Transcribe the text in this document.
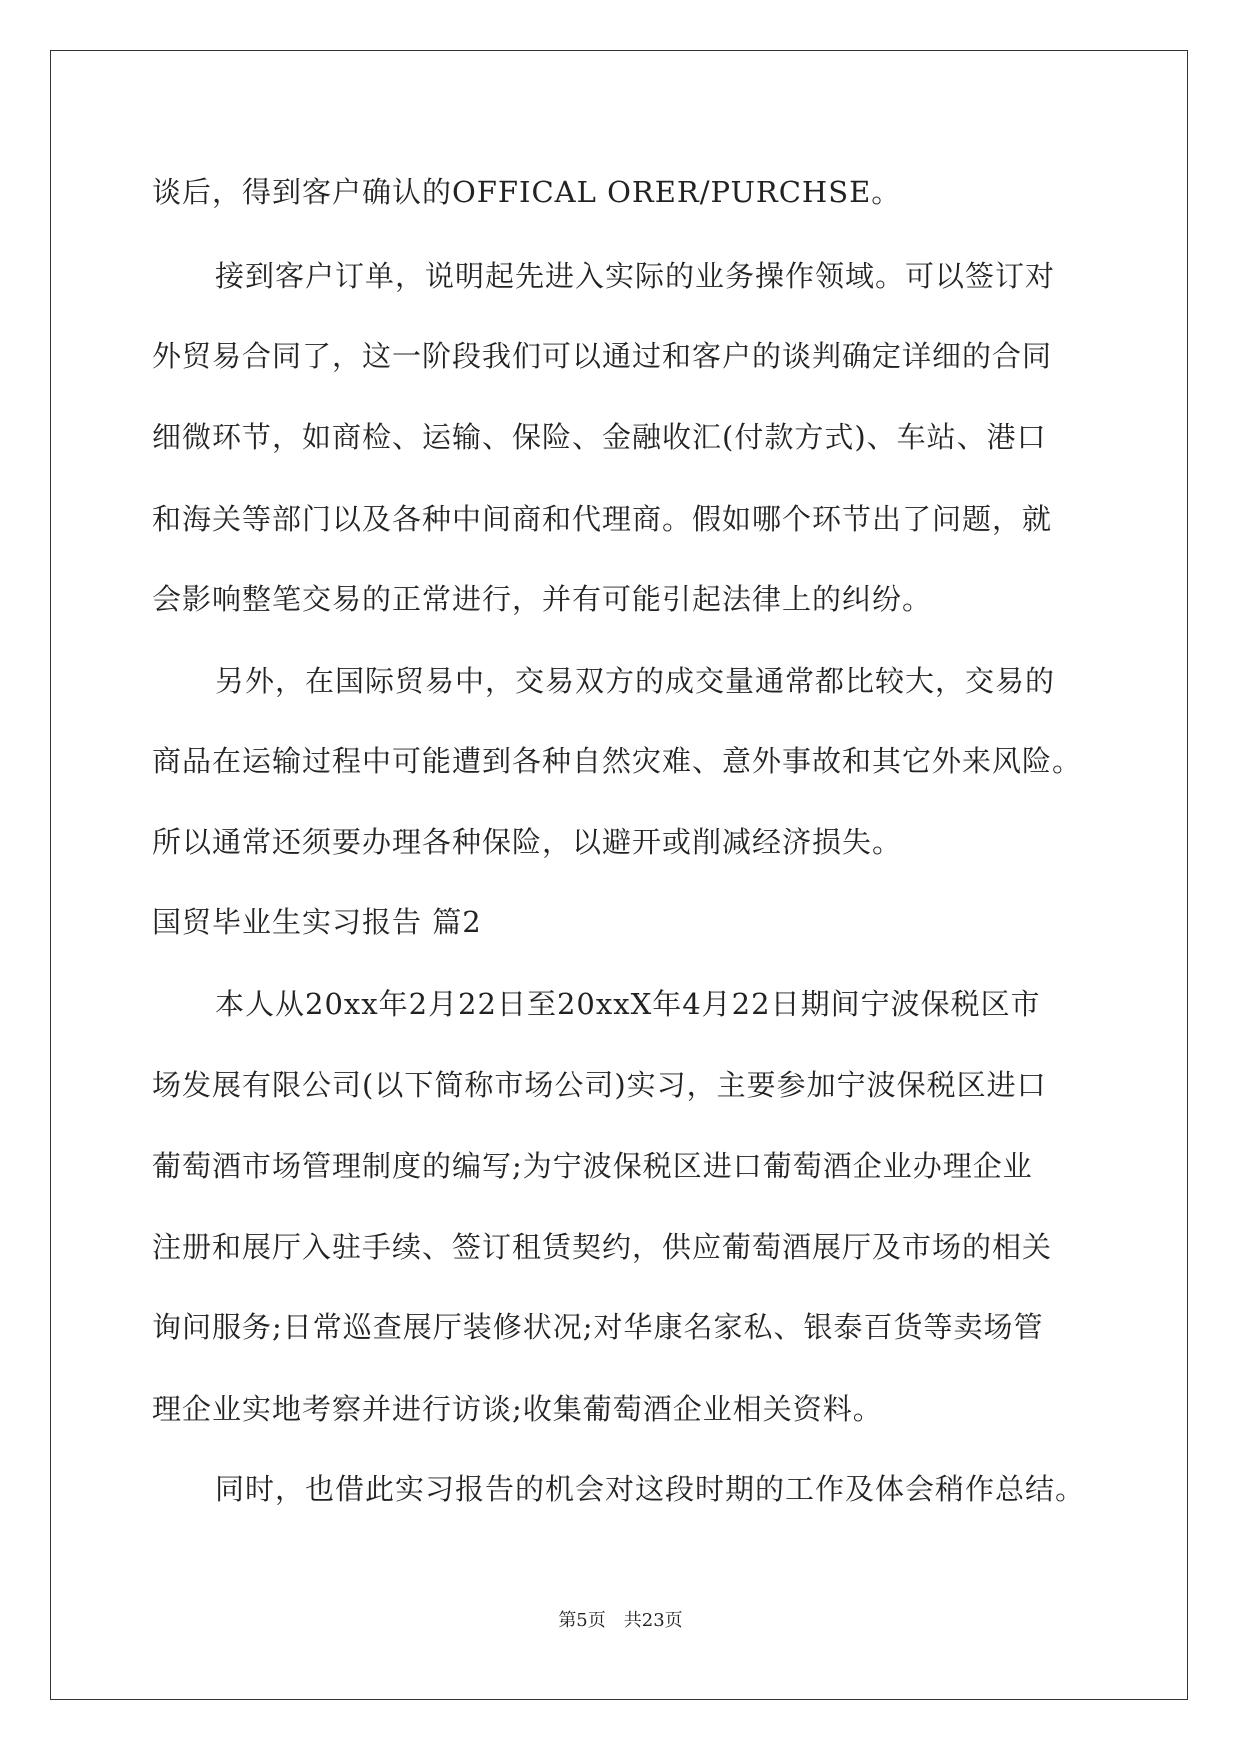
谈后，得到客户确认的OFFICAL ORER/PURCHSE。
接到客户订单，说明起先进入实际的业务操作领域。可以签订对
外贸易合同了，这一阶段我们可以通过和客户的谈判确定详细的合同
细微环节，如商检、运输、保险、金融收汇(付款方式)、车站、港口
和海关等部门以及各种中间商和代理商。假如哪个环节出了问题，就
会影响整笔交易的正常进行，并有可能引起法律上的纠纷。
另外，在国际贸易中，交易双方的成交量通常都比较大，交易的
商品在运输过程中可能遭到各种自然灾难、意外事故和其它外来风险。
所以通常还须要办理各种保险，以避开或削减经济损失。
国贸毕业生实习报告 篇2
本人从20xx年2月22日至20xxX年4月22日期间宁波保税区市
场发展有限公司(以下简称市场公司)实习，主要参加宁波保税区进口
葡萄酒市场管理制度的编写;为宁波保税区进口葡萄酒企业办理企业
注册和展厅入驻手续、签订租赁契约，供应葡萄酒展厅及市场的相关
询问服务;日常巡查展厅装修状况;对华康名家私、银泰百货等卖场管
理企业实地考察并进行访谈;收集葡萄酒企业相关资料。
同时，也借此实习报告的机会对这段时期的工作及体会稍作总结。
第5页 共23页
